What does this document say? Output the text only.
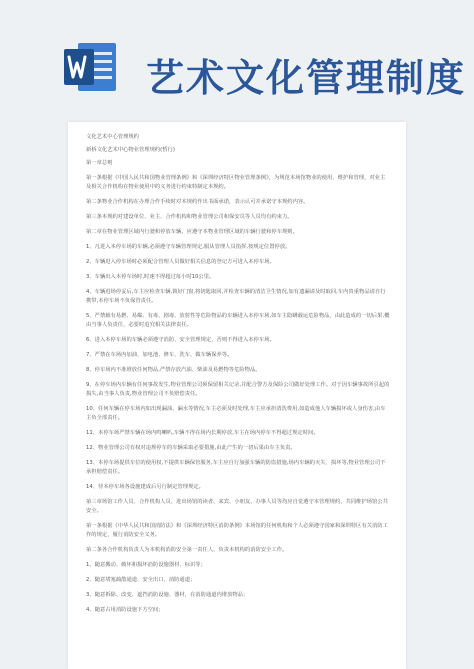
艺术文化管理制度

文化艺术中心管理规约

新桥文化艺术中心物业管理规约(暂行)

第一章总则

第一条根据《中国人民共和国物业管理条例》和《深圳经济特区物业管理条例》，为规范本场馆物业的使用、维护和管理，对业主及相关合作机构在物业使用中的义务进行约束特制定本规约。

第二条物业合作机构在办理合作手续时对本规约作出书面承诺，表示认可并承诺守本规约内容。

第三条本规约对建设单位、业主、合作机构和物业管理公司和保安员等人员均有约束力。

第二章在物业管理区域内行驶和停放车辆，应遵守本物业管理区域的车辆行驶和停车规则。

1、凡进入本停车场的车辆,必须遵守车辆管理规定,服从管理人员指挥,按规定位置停放。

2、车辆进入停车场时必须配合管理人员做好相关信息的登记方可进入本停车场。

3、车辆出入本停车场时,时速不得超过每小时10公里。

4、车辆进场停妥后,车主应检查车辆,锁好门窗,将钥匙取回,并检查车辆的清洁卫生情况,如有遗漏请及时取回,车内贵重物品请自行携带,本停车场不负保管责任。

5、严禁载有易燃、易爆、有毒、剧毒、放射性等危险物品的车辆进入本停车场,如车主隐瞒载运危险物品，由此造成的一切后果,概由当事人负责任，必要时追究相关法律责任。

6、进入本停车场的车辆必须遵守消防、安全管理规定，否则不得进入本停车场。

7、严禁在车场内加油、加电池、修车、洗车、做车辆保养等。

8、停车场内不准堆放任何物品,严禁存放汽油、柴油及易燃物等危险物品。

9、在停车场内车辆有任何事故发生,物业管理公司须保留相关记录,并配合警方及保险公司做好处理工作。对于因车辆事故所引起的损失,由当事人负责,物业管理公司不负赔偿责任。

10、任何车辆在停车场内如出现漏油、漏水等情况,车主必须及时处理,车主应承担清洗费用,如造成他人车辆损坏或人身伤害,由车主负全部责任。

11、本停车场严禁车辆在场内鸣喇叭,车辆不得在场内长期停放,车主在场内停车不得超过规定时间。

12、物业管理公司有权对违规停车的车辆采取必要措施,由此产生的一切后果由车主负责。

13、本停车场提供车位的使用权,不提供车辆保管服务,车主应自行加强车辆的防盗措施,场内车辆的灭失、损坏等,物业管理公司不承担赔偿责任。

14、待本停车场各设施建成后另行制定管理规定。

第三章场馆工作人员、合作机构人员、进出场馆的读者、来宾、小朋友、办事人员等均应自觉遵守本管理规约，共同维护场馆公共安全。

第一条根据《中华人民共和国消防法》和《深圳经济特区消防条例》本场馆的任何机构和个人必须遵守国家和深圳特区有关消防工作的规定，履行消防安全义务。

第二条各合作机构负责人为本机构消防安全第一责任人，负责本机构的消防安全工作。

1、随意搬动、破坏和损坏消防设施器材、标识等；

2、随意堵塞疏散通道、安全出口、消防通道；

3、随意拆除、改变、遮挡消防设施、器材，在消防通道内堆放物品；

4、随意占用消防设施下方空间；
